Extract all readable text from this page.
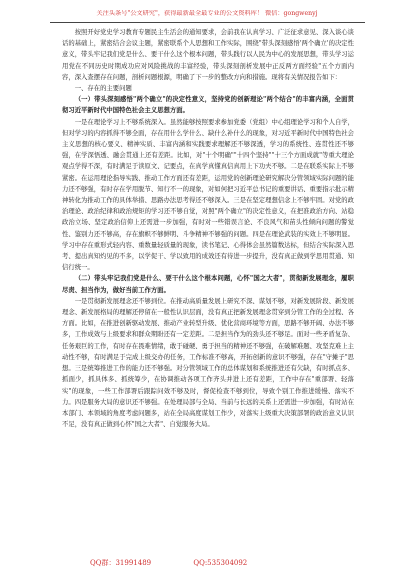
关注头条号"公文研究"，获得最新最全最专业的公文资料库！ 微信：gongwenyj

按照开好党史学习教育专题民主生活会的通知要求，会前我在认真学习、广泛征求意见、深入谈心谈话的基础上，紧密结合会议主题，紧密联系个人思想和工作实际，围绕"带头深刻感悟'两个确立'的决定性意义，带头牢记我们党是什么、要干什么这个根本问题，带头践行以人民为中心的发展思想，带头学习运用党在不同历史时期成功应对风险挑战的丰富经验，带头深刻剖析发展中正反两方面经验"五个方面内容，深入查摆存在问题，剖析问题根源，明确了下一步的整改方向和措施。现将有关情况报告如下：

一、存在的主要问题

（一）带头深刻感悟"两个确立"的决定性意义，坚持党的创新理论"两个结合"的丰富内涵，全面贯彻习近平新时代中国特色社会主义思想方面。

一是在理论学习上不够系统深入。虽然能够按照要求参加党委（党组）中心组理论学习和个人自学，但对学习的内容抓得不够全面，存在用什么学什么、缺什么补什么的现象，对习近平新时代中国特色社会主义思想的核心要义、精神实质、丰富内涵和实践要求理解还不够深透，学习的系统性、连贯性还不够强，在学深悟透、融会贯通上还有差距。比如，对"十个明确""十四个坚持""十三个方面成就"等重大理论观点学得不深，有时满足于读原文、记要点，在真学真懂真信真用上下功夫不够。二是在联系实际上不够紧密。在运用理论指导实践、推动工作方面还有差距，运用党的创新理论研究解决分管领域实际问题的能力还不够强，有时存在学用脱节、知行不一的现象，对如何把习近平总书记的重要讲话、重要指示批示精神转化为推动工作的具体举措、思路办法思考得还不够深入。三是在坚定理想信念上不够牢固。对党的政治理论、政治纪律和政治规矩的学习还不够自觉，对照"两个确立"的决定性意义，在把准政治方向、站稳政治立场、坚定政治信仰上还需进一步加强，有时对一些错误言论、不良风气和苗头性倾向问题的警觉性、鉴别力还不够高，存在旗帜不够鲜明、斗争精神不够强的问题。四是在理论武装的实效上不够明显。学习中存在重形式轻内容、重数量轻质量的现象，读书笔记、心得体会虽然篇数达标，但结合实际深入思考、提出真知灼见的不多，以学促干、学以致用的成效还有待进一步提升，没有真正做到学思用贯通、知信行统一。

（二）带头牢记我们党是什么、要干什么这个根本问题，心怀"国之大者"，贯彻新发展理念，履职尽责、担当作为，做好当前工作方面。

一是贯彻新发展理念还不够到位。在推动高质量发展上研究不深、谋划不够，对新发展阶段、新发展理念、新发展格局的理解还停留在一般性认识层面，没有真正把新发展理念贯穿到分管工作的全过程、各方面。比如，在推进创新驱动发展、推动产业转型升级、优化营商环境等方面，思路不够开阔、办法不够多，工作成效与上级要求和群众期盼还有一定差距。二是担当作为的劲头还不够足。面对一些矛盾复杂、任务艰巨的工作，有时存在畏难情绪，敢于碰硬、勇于担当的精神还不够强，在破解难题、攻坚克难上主动性不够，有时满足于完成上级交办的任务，工作标准不够高，开拓创新的意识不够强，存在"守摊子"思想。三是统筹推进工作的能力还不够强。对分管领域工作的总体谋划和系统推进还有欠缺，有时抓点多、抓面少，抓具体多、抓统筹少，在协调推动各项工作齐头并进上还有差距，工作中存在"重部署、轻落实"的现象，一些工作部署后跟踪问效不够及时，督促检查不够到位，导致个别工作推进缓慢、落实不力。四是服务大局的意识还不够强。在处理局部与全局、当前与长远的关系上还需进一步加强，有时站在本部门、本领域的角度考虑问题多，站在全局高度谋划工作少，对落实上级重大决策部署的政治意义认识不足，没有真正做到心怀"国之大者"、自觉服务大局。

QQ群：31991489	QQ:535304092
